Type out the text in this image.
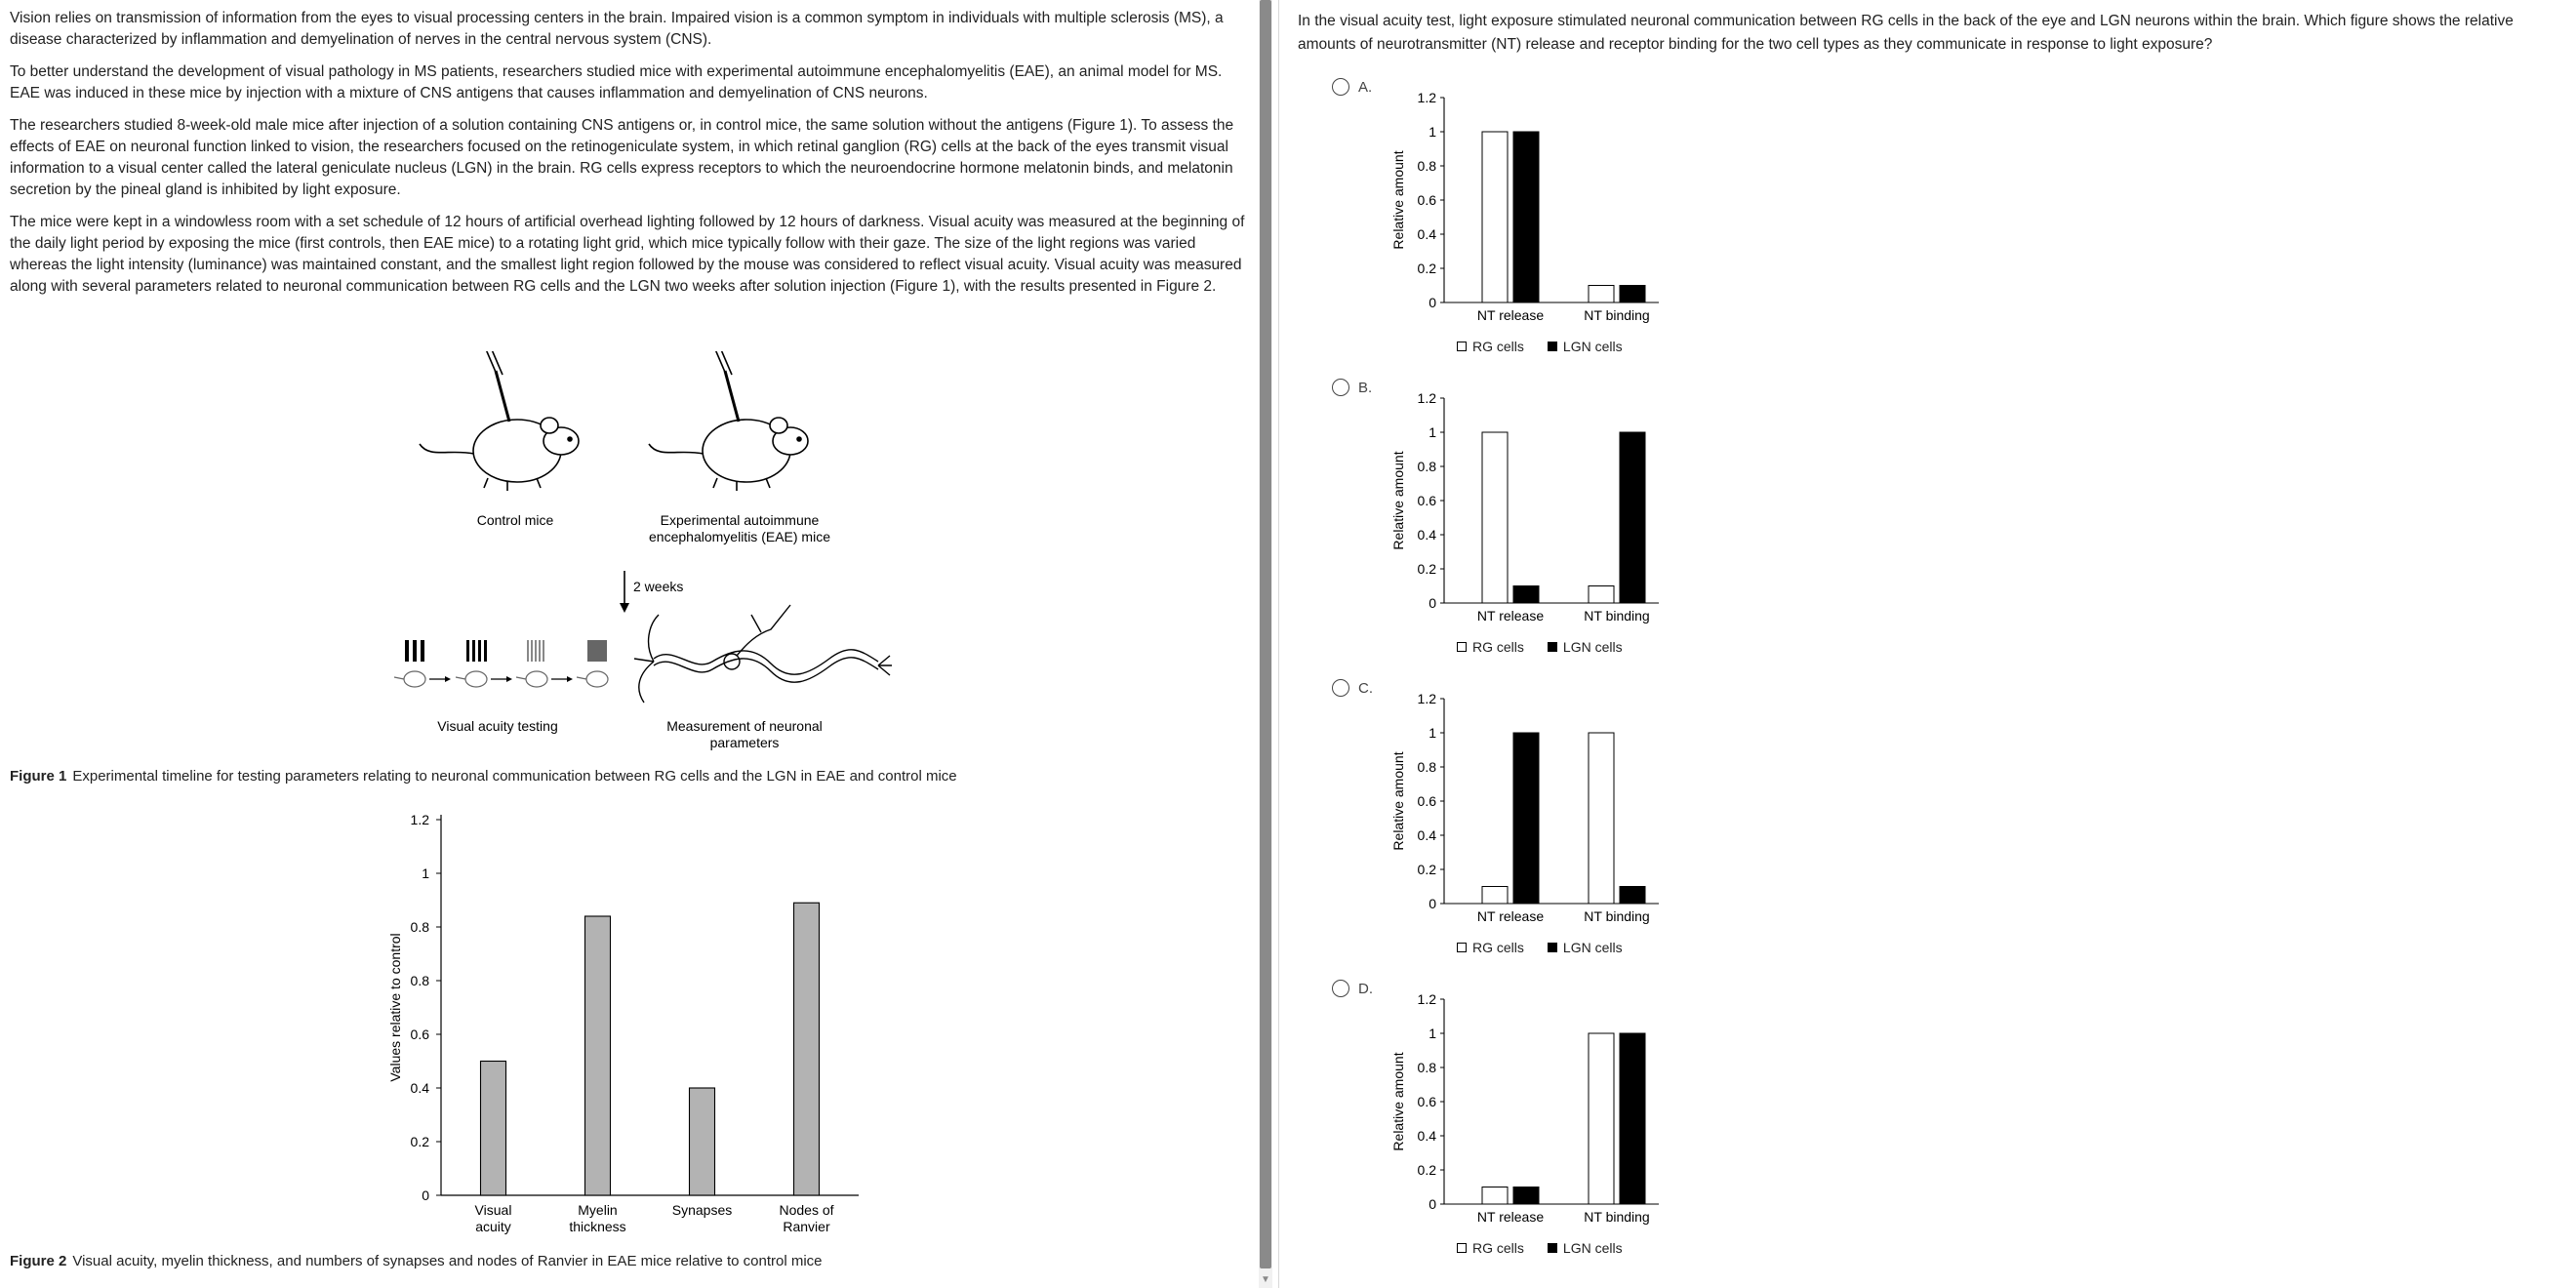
Vision relies on transmission of information from the eyes to visual processing centers in the brain. Impaired vision is a common symptom in individuals with multiple sclerosis (MS), a disease characterized by inflammation and demyelination of nerves in the central nervous system (CNS).

To better understand the development of visual pathology in MS patients, researchers studied mice with experimental autoimmune encephalomyelitis (EAE), an animal model for MS. EAE was induced in these mice by injection with a mixture of CNS antigens that causes inflammation and demyelination of CNS neurons.

The researchers studied 8-week-old male mice after injection of a solution containing CNS antigens or, in control mice, the same solution without the antigens (Figure 1). To assess the effects of EAE on neuronal function linked to vision, the researchers focused on the retinogeniculate system, in which retinal ganglion (RG) cells at the back of the eyes transmit visual information to a visual center called the lateral geniculate nucleus (LGN) in the brain. RG cells express receptors to which the neuroendocrine hormone melatonin binds, and melatonin secretion by the pineal gland is inhibited by light exposure.

The mice were kept in a windowless room with a set schedule of 12 hours of artificial overhead lighting followed by 12 hours of darkness. Visual acuity was measured at the beginning of the daily light period by exposing the mice (first controls, then EAE mice) to a rotating light grid, which mice typically follow with their gaze. The size of the light regions was varied whereas the light intensity (luminance) was maintained constant, and the smallest light region followed by the mouse was considered to reflect visual acuity. Visual acuity was measured along with several parameters related to neuronal communication between RG cells and the LGN two weeks after solution injection (Figure 1), with the results presented in Figure 2.

Control mice	Experimental autoimmune
encephalomyelitis (EAE) mice
2 weeks
Visual acuity testing	Measurement of neuronal
parameters
Figure 1 Experimental timeline for testing parameters relating to neuronal communication between RG cells and the LGN in EAE and control mice
0
0.2
0.4
0.6
0.8
0.8
1
1.2
Values relative to control
Visual
acuity
Myelin
thickness
Synapses	Nodes of
Ranvier
Figure 2 Visual acuity, myelin thickness, and numbers of synapses and nodes of Ranvier in EAE mice relative to control mice
▼

In the visual acuity test, light exposure stimulated neuronal communication between RG cells in the back of the eye and LGN neurons within the brain. Which figure shows the relative amounts of neurotransmitter (NT) release and receptor binding for the two cell types as they communicate in response to light exposure?

A.
0
0.2
0.4
0.6
0.8
1
1.2
Relative amount
NT release	NT binding
RG cells	LGN cells
B.
0
0.2
0.4
0.6
0.8
1
1.2
Relative amount
NT release	NT binding
RG cells	LGN cells
C.
0
0.2
0.4
0.6
0.8
1
1.2
Relative amount
NT release	NT binding
RG cells	LGN cells
D.
0
0.2
0.4
0.6
0.8
1
1.2
Relative amount
NT release	NT binding
RG cells	LGN cells
